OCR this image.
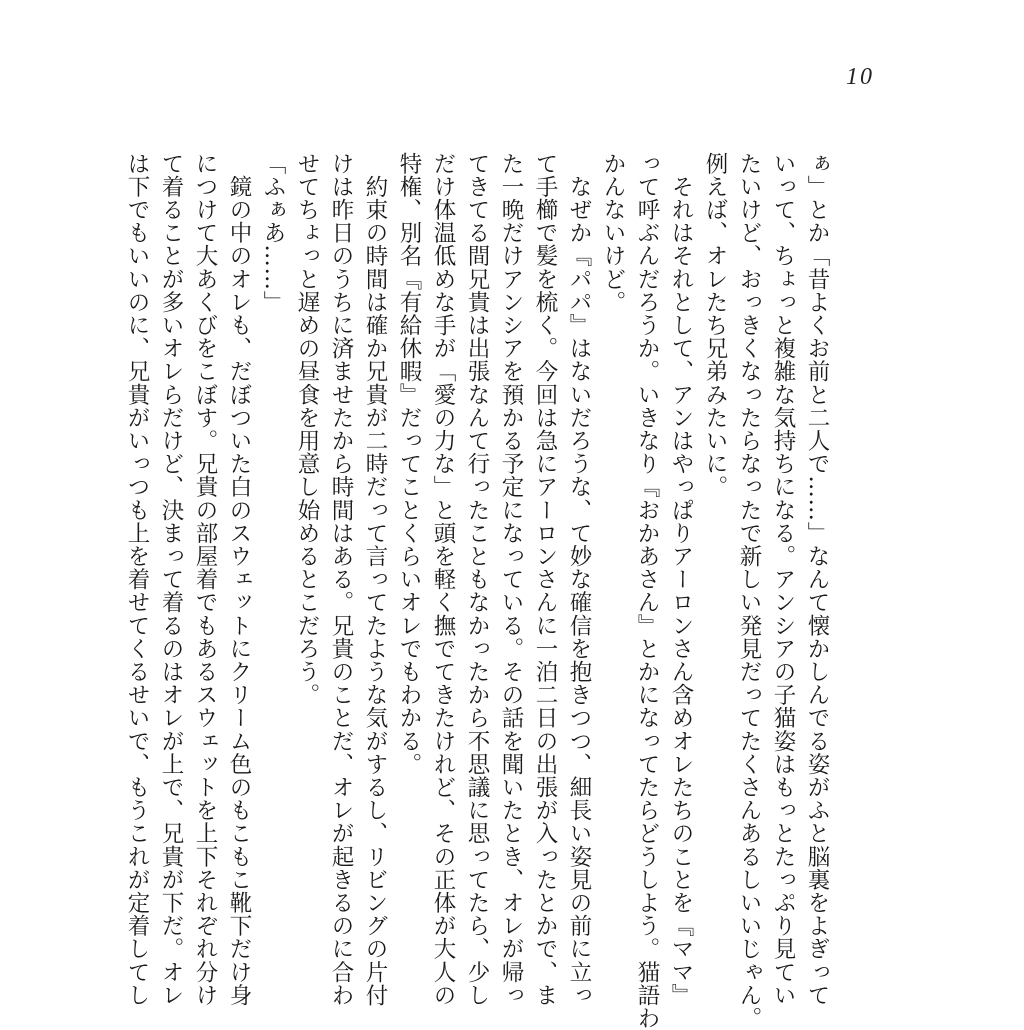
10
ぁ」とか「昔よくお前と二人で……」なんて懐かしんでる姿がふと脳裏をよぎって
いって、ちょっと複雑な気持ちになる。アンシアの子猫姿はもっとたっぷり見てい
たいけど、おっきくなったらなったで新しい発見だってたくさんあるしいいじゃん。
例えば、オレたち兄弟みたいに。
　それはそれとして、アンはやっぱりアーロンさん含めオレたちのことを『ママ』
って呼ぶんだろうか。いきなり『おかあさん』とかになってたらどうしよう。猫語わ
かんないけど。
　なぜか『パパ』はないだろうな、て妙な確信を抱きつつ、細長い姿見の前に立っ
て手櫛で髪を梳く。今回は急にアーロンさんに一泊二日の出張が入ったとかで、ま
た一晩だけアンシアを預かる予定になっている。その話を聞いたとき、オレが帰っ
てきてる間兄貴は出張なんて行ったこともなかったから不思議に思ってたら、少し
だけ体温低めな手が「愛の力な」と頭を軽く撫でてきたけれど、その正体が大人の
特権、別名『有給休暇』だってことくらいオレでもわかる。
　約束の時間は確か兄貴が二時だって言ってたような気がするし、リビングの片付
けは昨日のうちに済ませたから時間はある。兄貴のことだ、オレが起きるのに合わ
せてちょっと遅めの昼食を用意し始めるとこだろう。
「ふぁあ……」
　鏡の中のオレも、だぼついた白のスウェットにクリーム色のもこもこ靴下だけ身
につけて大あくびをこぼす。兄貴の部屋着でもあるスウェットを上下それぞれ分け
て着ることが多いオレらだけど、決まって着るのはオレが上で、兄貴が下だ。オレ
は下でもいいのに、兄貴がいっつも上を着せてくるせいで、もうこれが定着してし
